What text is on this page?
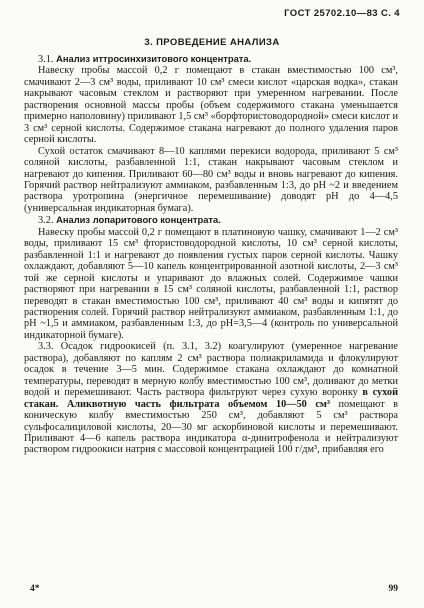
ГОСТ 25702.10—83 С. 4
3. ПРОВЕДЕНИЕ АНАЛИЗА
3.1. Анализ иттросинхизитового концентрата.

Навеску пробы массой 0,2 г помещают в стакан вместимостью 100 см³, смачивают 2—3 см³ воды, приливают 10 см³ смеси кислот «царская водка», стакан накрывают часовым стеклом и растворяют при умеренном нагревании. После растворения основной массы пробы (объем содержимого стакана уменьшается примерно наполовину) приливают 1,5 см³ «борфтористоводородной» смеси кислот и 3 см³ серной кислоты. Содержимое стакана нагревают до полного удаления паров серной кислоты.

Сухой остаток смачивают 8—10 каплями перекиси водорода, приливают 5 см³ соляной кислоты, разбавленной 1:1, стакан накрывают часовым стеклом и нагревают до кипения. Приливают 60—80 см³ воды и вновь нагревают до кипения. Горячий раствор нейтрализуют аммиаком, разбавленным 1:3, до рН ~2 и введением раствора уротропина (энергичное перемешивание) доводят рН до 4—4,5 (универсальная индикаторная бумага).

3.2. Анализ лопаритового концентрата.

Навеску пробы массой 0,2 г помещают в платиновую чашку, смачивают 1—2 см³ воды, приливают 15 см³ фтористоводородной кислоты, 10 см³ серной кислоты, разбавленной 1:1 и нагревают до появления густых паров серной кислоты. Чашку охлаждают, добавляют 5—10 капель концентрированной азотной кислоты, 2—3 см³ той же серной кислоты и упаривают до влажных солей. Содержимое чашки растворяют при нагревании в 15 см³ соляной кислоты, разбавленной 1:1, раствор переводят в стакан вместимостью 100 см³, приливают 40 см³ воды и кипятят до растворения солей. Горячий раствор нейтрализуют аммиаком, разбавленным 1:1, до рН ~1,5 и аммиаком, разбавленным 1:3, до рН=3,5—4 (контроль по универсальной индикаторной бумаге).

3.3. Осадок гидроокисей (п. 3.1, 3.2) коагулируют (умеренное нагревание раствора), добавляют по каплям 2 см³ раствора полиакриламида и флокулируют осадок в течение 3—5 мин. Содержимое стакана охлаждают до комнатной температуры, переводят в мерную колбу вместимостью 100 см³, доливают до метки водой и перемешивают. Часть раствора фильтруют через сухую воронку в сухой стакан. Аликвотную часть фильтрата объемом 10—50 см³ помещают в коническую колбу вместимостью 250 см³, добавляют 5 см³ раствора сульфосалициловой кислоты, 20—30 мг аскорбиновой кислоты и перемешивают. Приливают 4—6 капель раствора индикатора α-динитрофенола и нейтрализуют раствором гидроокиси натрия с массовой концентрацией 100 г/дм³, прибавляя его

4*	99
